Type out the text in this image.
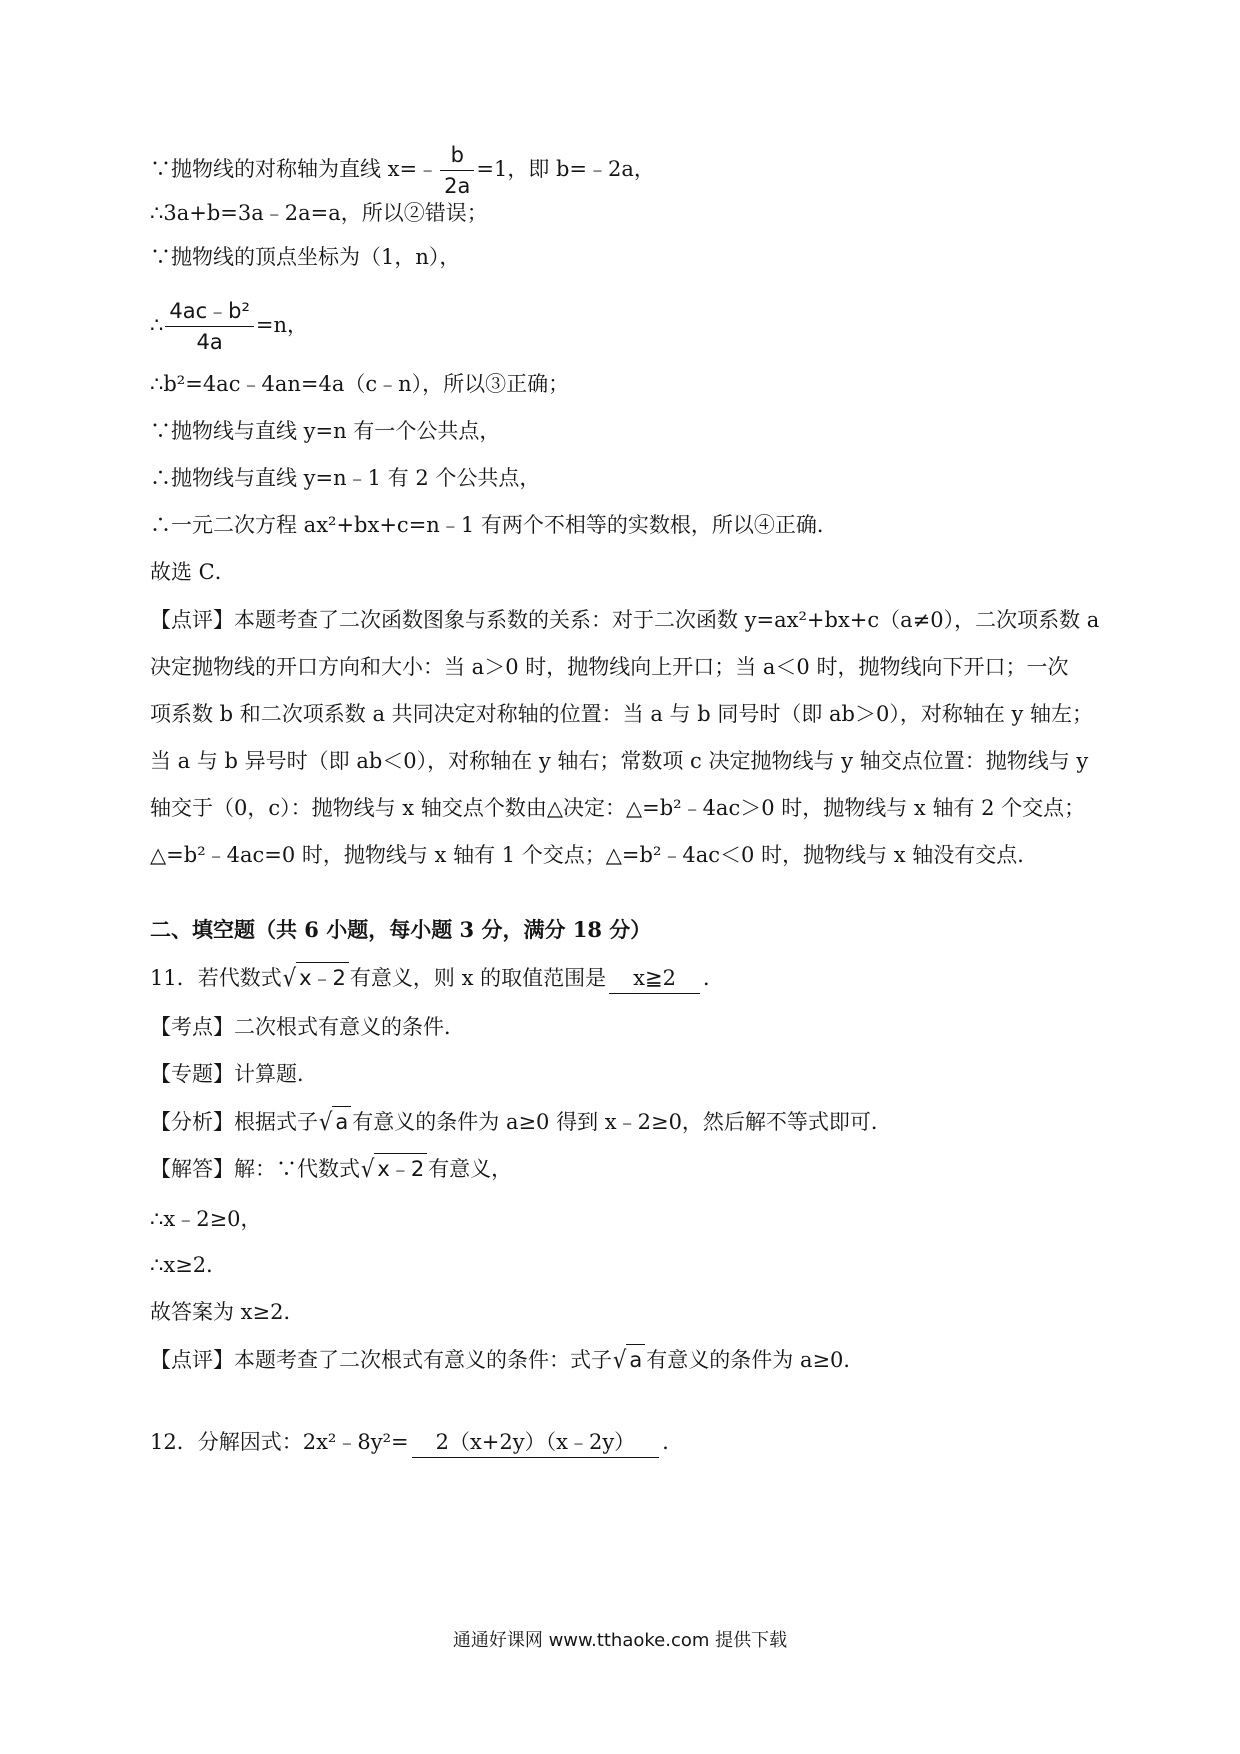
∵抛物线的对称轴为直线 x=﹣ $\frac{b}{2a} =1$，即 b=﹣2a，
∴3a+b=3a﹣2a=a，所以②错误；
∵抛物线的顶点坐标为（1，n），
∴ $\frac{\text{4ac﹣b²}}{4a} =n$，
∴b²=4ac﹣4an=4a（c﹣n），所以③正确；
∵抛物线与直线 y=n 有一个公共点，
∴抛物线与直线 y=n﹣1 有 2 个公共点，
∴一元二次方程 ax²+bx+c=n﹣1 有两个不相等的实数根，所以④正确．
故选 C．
【点评】本题考查了二次函数图象与系数的关系：对于二次函数 y=ax²+bx+c（a≠0），二次项系数 a
决定抛物线的开口方向和大小：当 a＞0 时，抛物线向上开口；当 a＜0 时，抛物线向下开口；一次
项系数 b 和二次项系数 a 共同决定对称轴的位置：当 a 与 b 同号时（即 ab＞0），对称轴在 y 轴左；
当 a 与 b 异号时（即 ab＜0），对称轴在 y 轴右；常数项 c 决定抛物线与 y 轴交点位置：抛物线与 y
轴交于（0，c）：抛物线与 x 轴交点个数由△决定：△=b²﹣4ac＞0 时，抛物线与 x 轴有 2 个交点；
△=b²﹣4ac=0 时，抛物线与 x 轴有 1 个交点；△=b²﹣4ac＜0 时，抛物线与 x 轴没有交点．
二、填空题（共 6 小题，每小题 3 分，满分 18 分）
11．若代数式√ x﹣2 有意义，则 x 的取值范围是 x≧2 ．
【考点】二次根式有意义的条件．
【专题】计算题．
【分析】根据式子√ a 有意义的条件为 a≥0 得到 x﹣2≥0，然后解不等式即可．
【解答】解：∵代数式√ x﹣2 有意义，
∴x﹣2≥0，
∴x≥2．
故答案为 x≥2．
【点评】本题考查了二次根式有意义的条件：式子√ a 有意义的条件为 a≥0．
12．分解因式：2x²﹣8y²= 2（x+2y）（x﹣2y） ．
通通好课网 www.tthaoke.com 提供下载
